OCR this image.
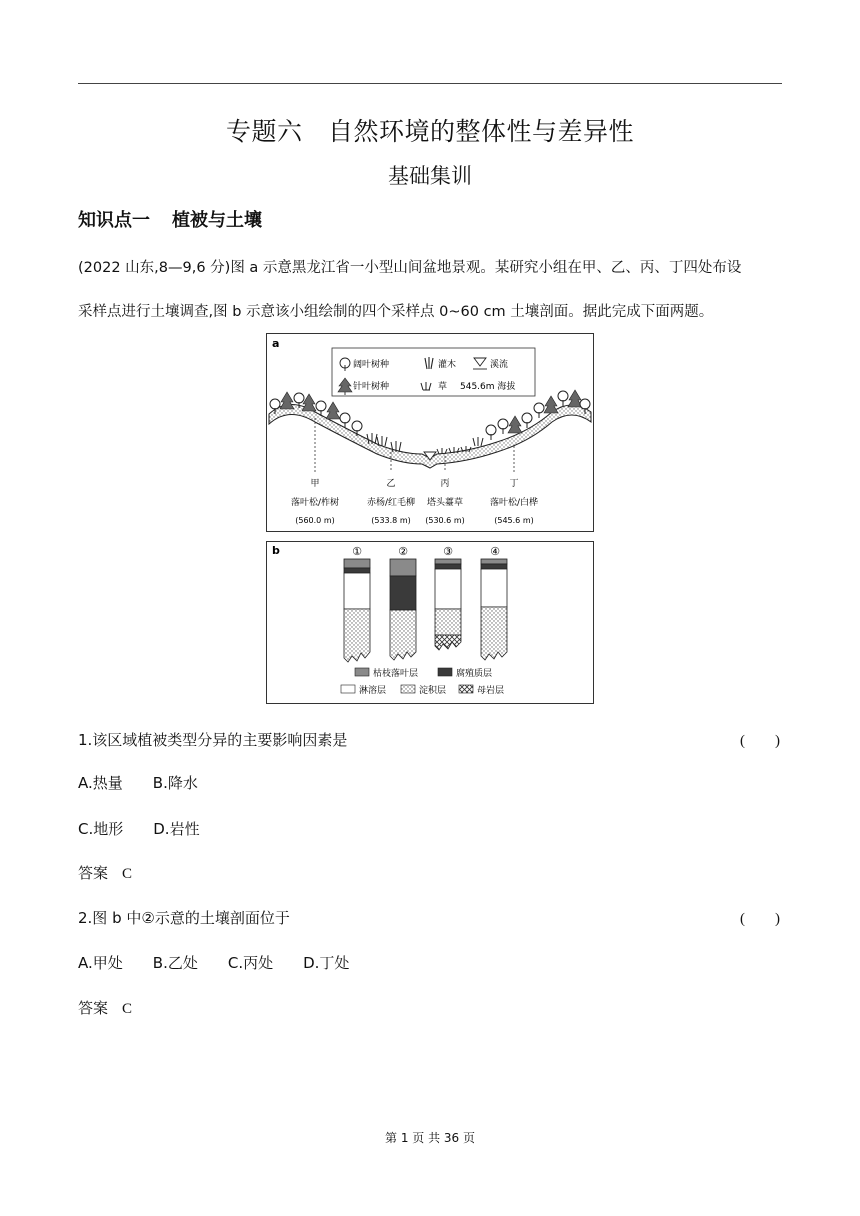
专题六　自然环境的整体性与差异性
基础集训
知识点一 植被与土壤
(2022 山东,8—9,6 分)图 a 示意黑龙江省一小型山间盆地景观。某研究小组在甲、乙、丙、丁四处布设
采样点进行土壤调查,图 b 示意该小组绘制的四个采样点 0~60 cm 土壤剖面。据此完成下面两题。
a
阔叶树种	灌木	溪流
针叶树种	草 545.6m 海拔
甲
落叶松/柞树
(560.0 m)
乙
赤杨/红毛柳
(533.8 m)
丙
塔头薹草
(530.6 m)
丁
落叶松/白桦
(545.6 m)
b	①	②	③	④
枯枝落叶层	腐殖质层
淋溶层	淀积层	母岩层
1.该区域植被类型分异的主要影响因素是	(　　)
A.热量 B.降水
C.地形 D.岩性
答案 C
2.图 b 中②示意的土壤剖面位于	(　　)
A.甲处 B.乙处 C.丙处 D.丁处
答案 C
第 1 页 共 36 页
